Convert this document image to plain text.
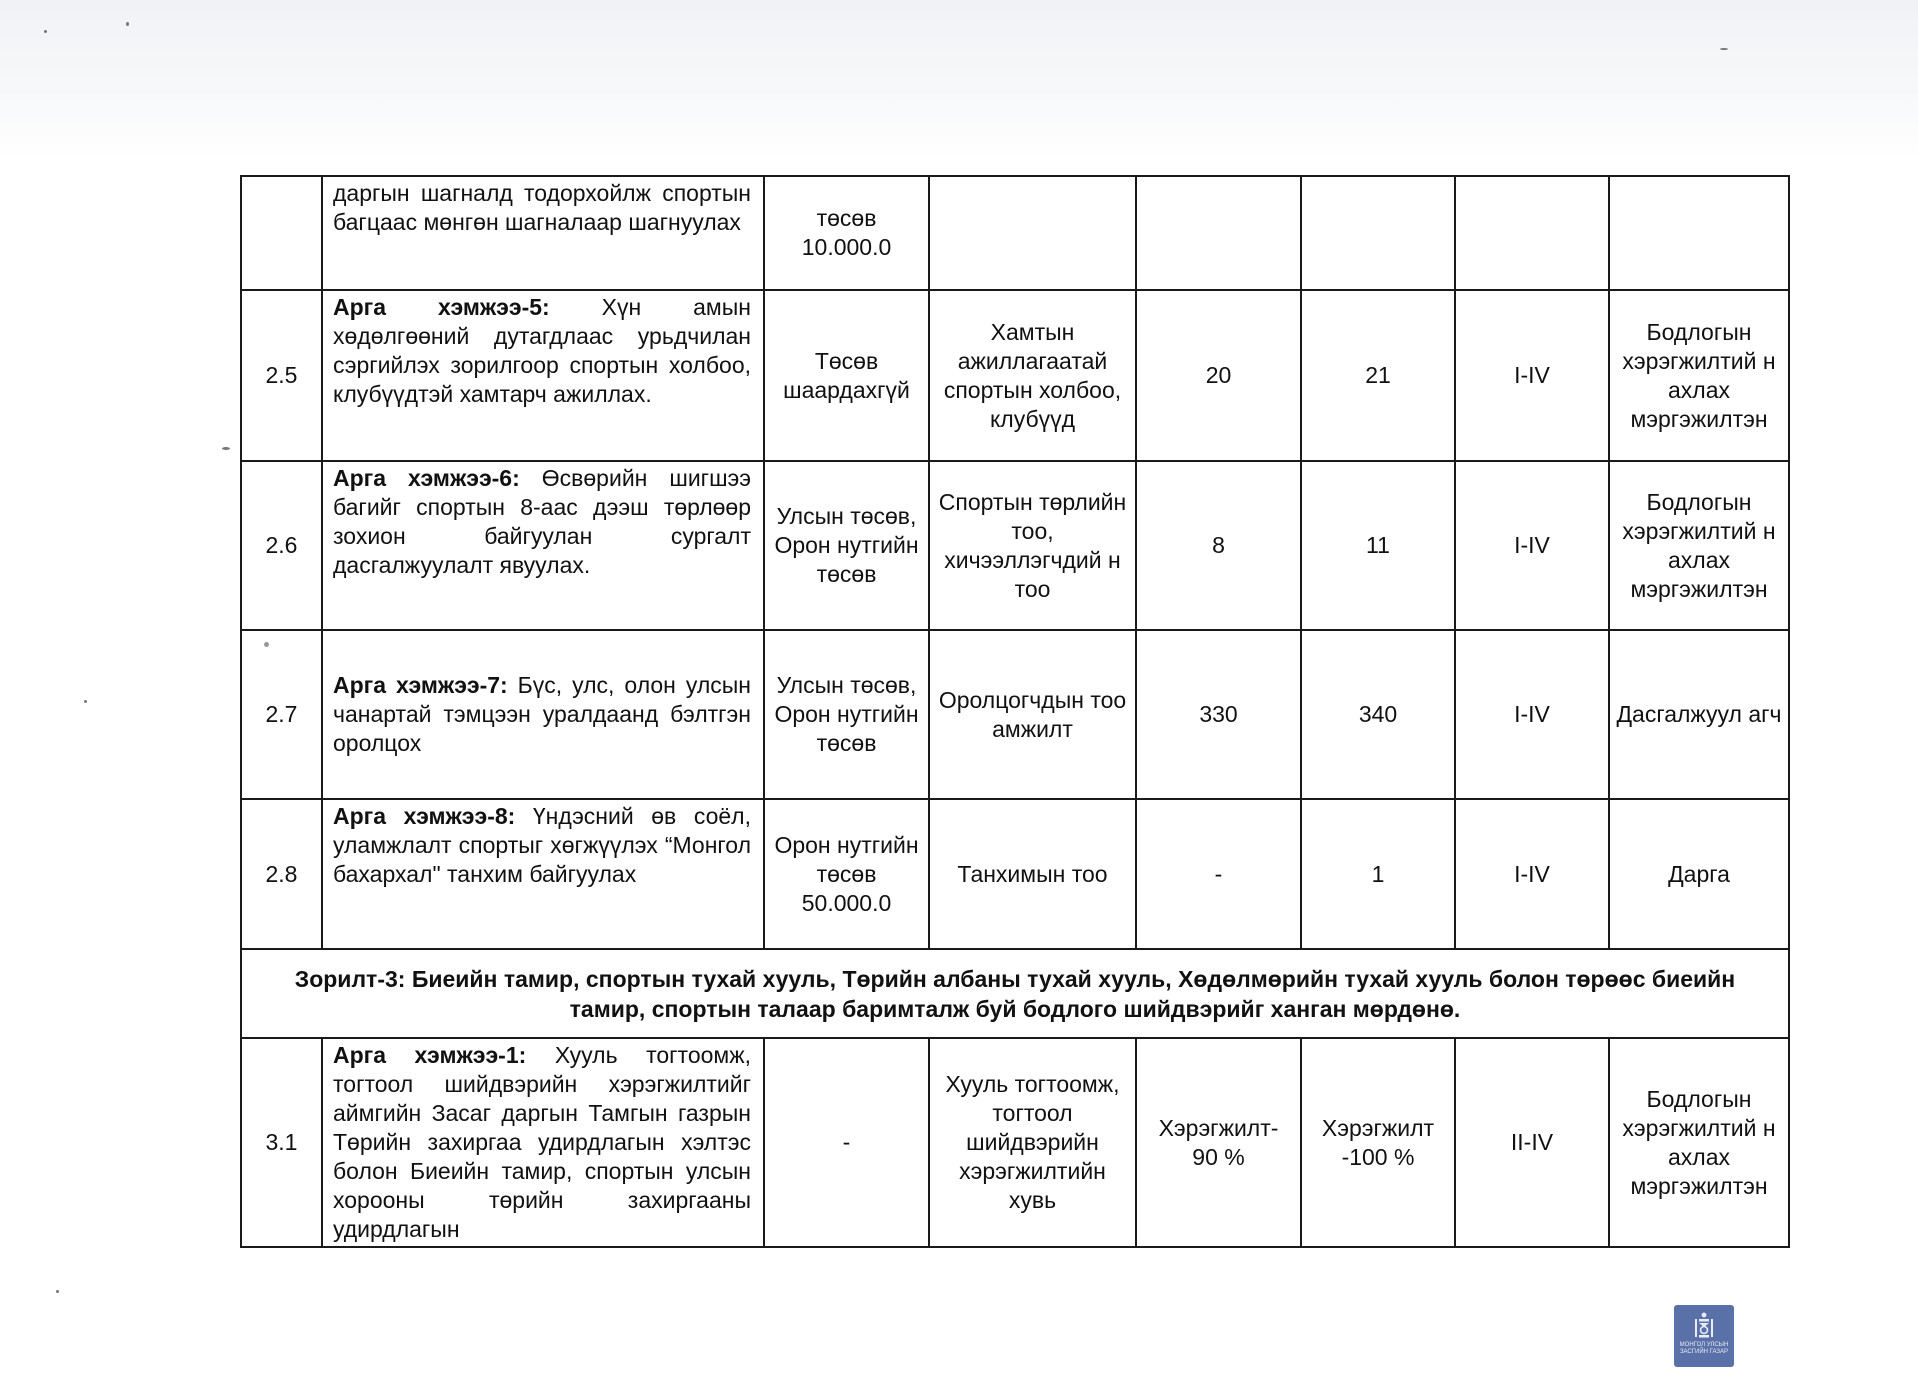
	даргын шагналд тодорхойлж спортын багцаас мөнгөн шагналаар шагнуулах	төсөв 10.000.0					
2.5	Арга хэмжээ-5: Хүн амын хөдөлгөөний дутагдлаас урьдчилан сэргийлэх зорилгоор спортын холбоо, клубүүдтэй хамтарч ажиллах.	Төсөв шаардахгүй	Хамтын ажиллагаатай спортын холбоо, клубүүд	20	21	I-IV	Бодлогын хэрэгжилтий н ахлах мэргэжилтэн
2.6	Арга хэмжээ-6: Өсвөрийн шигшээ багийг спортын 8-аас дээш төрлөөр зохион байгуулан сургалт дасгалжуулалт явуулах.	Улсын төсөв, Орон нутгийн төсөв	Спортын төрлийн тоо, хичээллэгчдий н тоо	8	11	I-IV	Бодлогын хэрэгжилтий н ахлах мэргэжилтэн
2.7	Арга хэмжээ-7: Бүс, улс, олон улсын чанартай тэмцээн уралдаанд бэлтгэн оролцох	Улсын төсөв, Орон нутгийн төсөв	Оролцогчдын тоо амжилт	330	340	I-IV	Дасгалжуул агч
2.8	Арга хэмжээ-8: Үндэсний өв соёл, уламжлалт спортыг хөгжүүлэх “Монгол бахархал" танхим байгуулах	Орон нутгийн төсөв 50.000.0	Танхимын тоо	-	1	I-IV	Дарга
Зорилт-3: Биеийн тамир, спортын тухай хууль, Төрийн албаны тухай хууль, Хөдөлмөрийн тухай хууль болон төрөөс биеийн тамир, спортын талаар баримталж буй бодлого шийдвэрийг ханган мөрдөнө.							
3.1	Арга хэмжээ-1: Хууль тогтоомж, тогтоол шийдвэрийн хэрэгжилтийг аймгийн Засаг даргын Тамгын газрын Төрийн захиргаа удирдлагын хэлтэс болон Биеийн тамир, спортын улсын хорооны төрийн захиргааны удирдлагын	-	Хууль тогтоомж, тогтоол шийдвэрийн хэрэгжилтийн хувь	Хэрэгжилт- 90 %	Хэрэгжилт -100 %	II-IV	Бодлогын хэрэгжилтий н ахлах мэргэжилтэн
МОНГОЛ УЛСЫН
ЗАСГИЙН ГАЗАР
